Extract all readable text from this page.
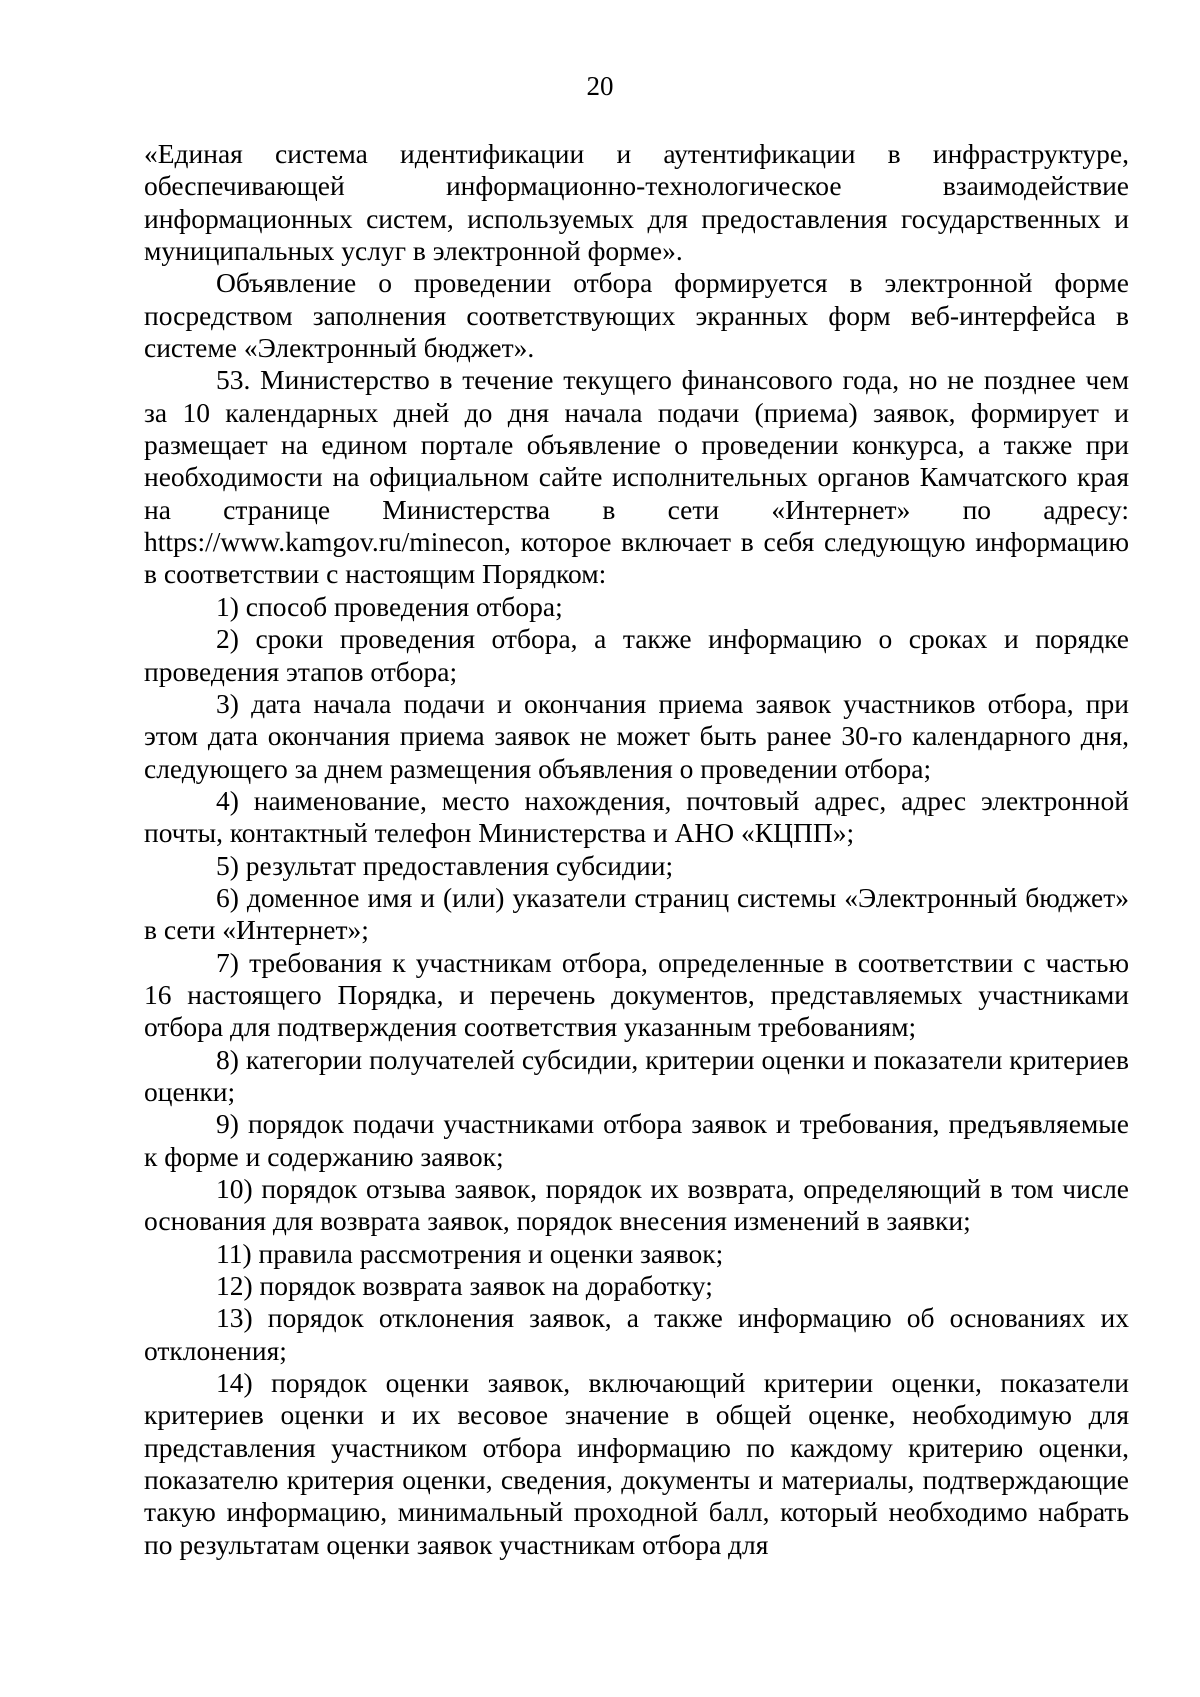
20

«Единая система идентификации и аутентификации в инфраструктуре, обеспечивающей информационно-технологическое взаимодействие информационных систем, используемых для предоставления государственных и муниципальных услуг в электронной форме».

Объявление о проведении отбора формируется в электронной форме посредством заполнения соответствующих экранных форм веб-интерфейса в системе «Электронный бюджет».

53. Министерство в течение текущего финансового года, но не позднее чем за 10 календарных дней до дня начала подачи (приема) заявок, формирует и размещает на едином портале объявление о проведении конкурса, а также при необходимости на официальном сайте исполнительных органов Камчатского края на странице Министерства в сети «Интернет» по адресу: https://www.kamgov.ru/minecon, которое включает в себя следующую информацию в соответствии с настоящим Порядком:

1) способ проведения отбора;

2) сроки проведения отбора, а также информацию о сроках и порядке проведения этапов отбора;

3) дата начала подачи и окончания приема заявок участников отбора, при этом дата окончания приема заявок не может быть ранее 30-го календарного дня, следующего за днем размещения объявления о проведении отбора;

4) наименование, место нахождения, почтовый адрес, адрес электронной почты, контактный телефон Министерства и АНО «КЦПП»;

5) результат предоставления субсидии;

6) доменное имя и (или) указатели страниц системы «Электронный бюджет» в сети «Интернет»;

7) требования к участникам отбора, определенные в соответствии с частью 16 настоящего Порядка, и перечень документов, представляемых участниками отбора для подтверждения соответствия указанным требованиям;

8) категории получателей субсидии, критерии оценки и показатели критериев оценки;

9) порядок подачи участниками отбора заявок и требования, предъявляемые к форме и содержанию заявок;

10) порядок отзыва заявок, порядок их возврата, определяющий в том числе основания для возврата заявок, порядок внесения изменений в заявки;

11) правила рассмотрения и оценки заявок;

12) порядок возврата заявок на доработку;

13) порядок отклонения заявок, а также информацию об основаниях их отклонения;

14) порядок оценки заявок, включающий критерии оценки, показатели критериев оценки и их весовое значение в общей оценке, необходимую для представления участником отбора информацию по каждому критерию оценки, показателю критерия оценки, сведения, документы и материалы, подтверждающие такую информацию, минимальный проходной балл, который необходимо набрать по результатам оценки заявок участникам отбора для
